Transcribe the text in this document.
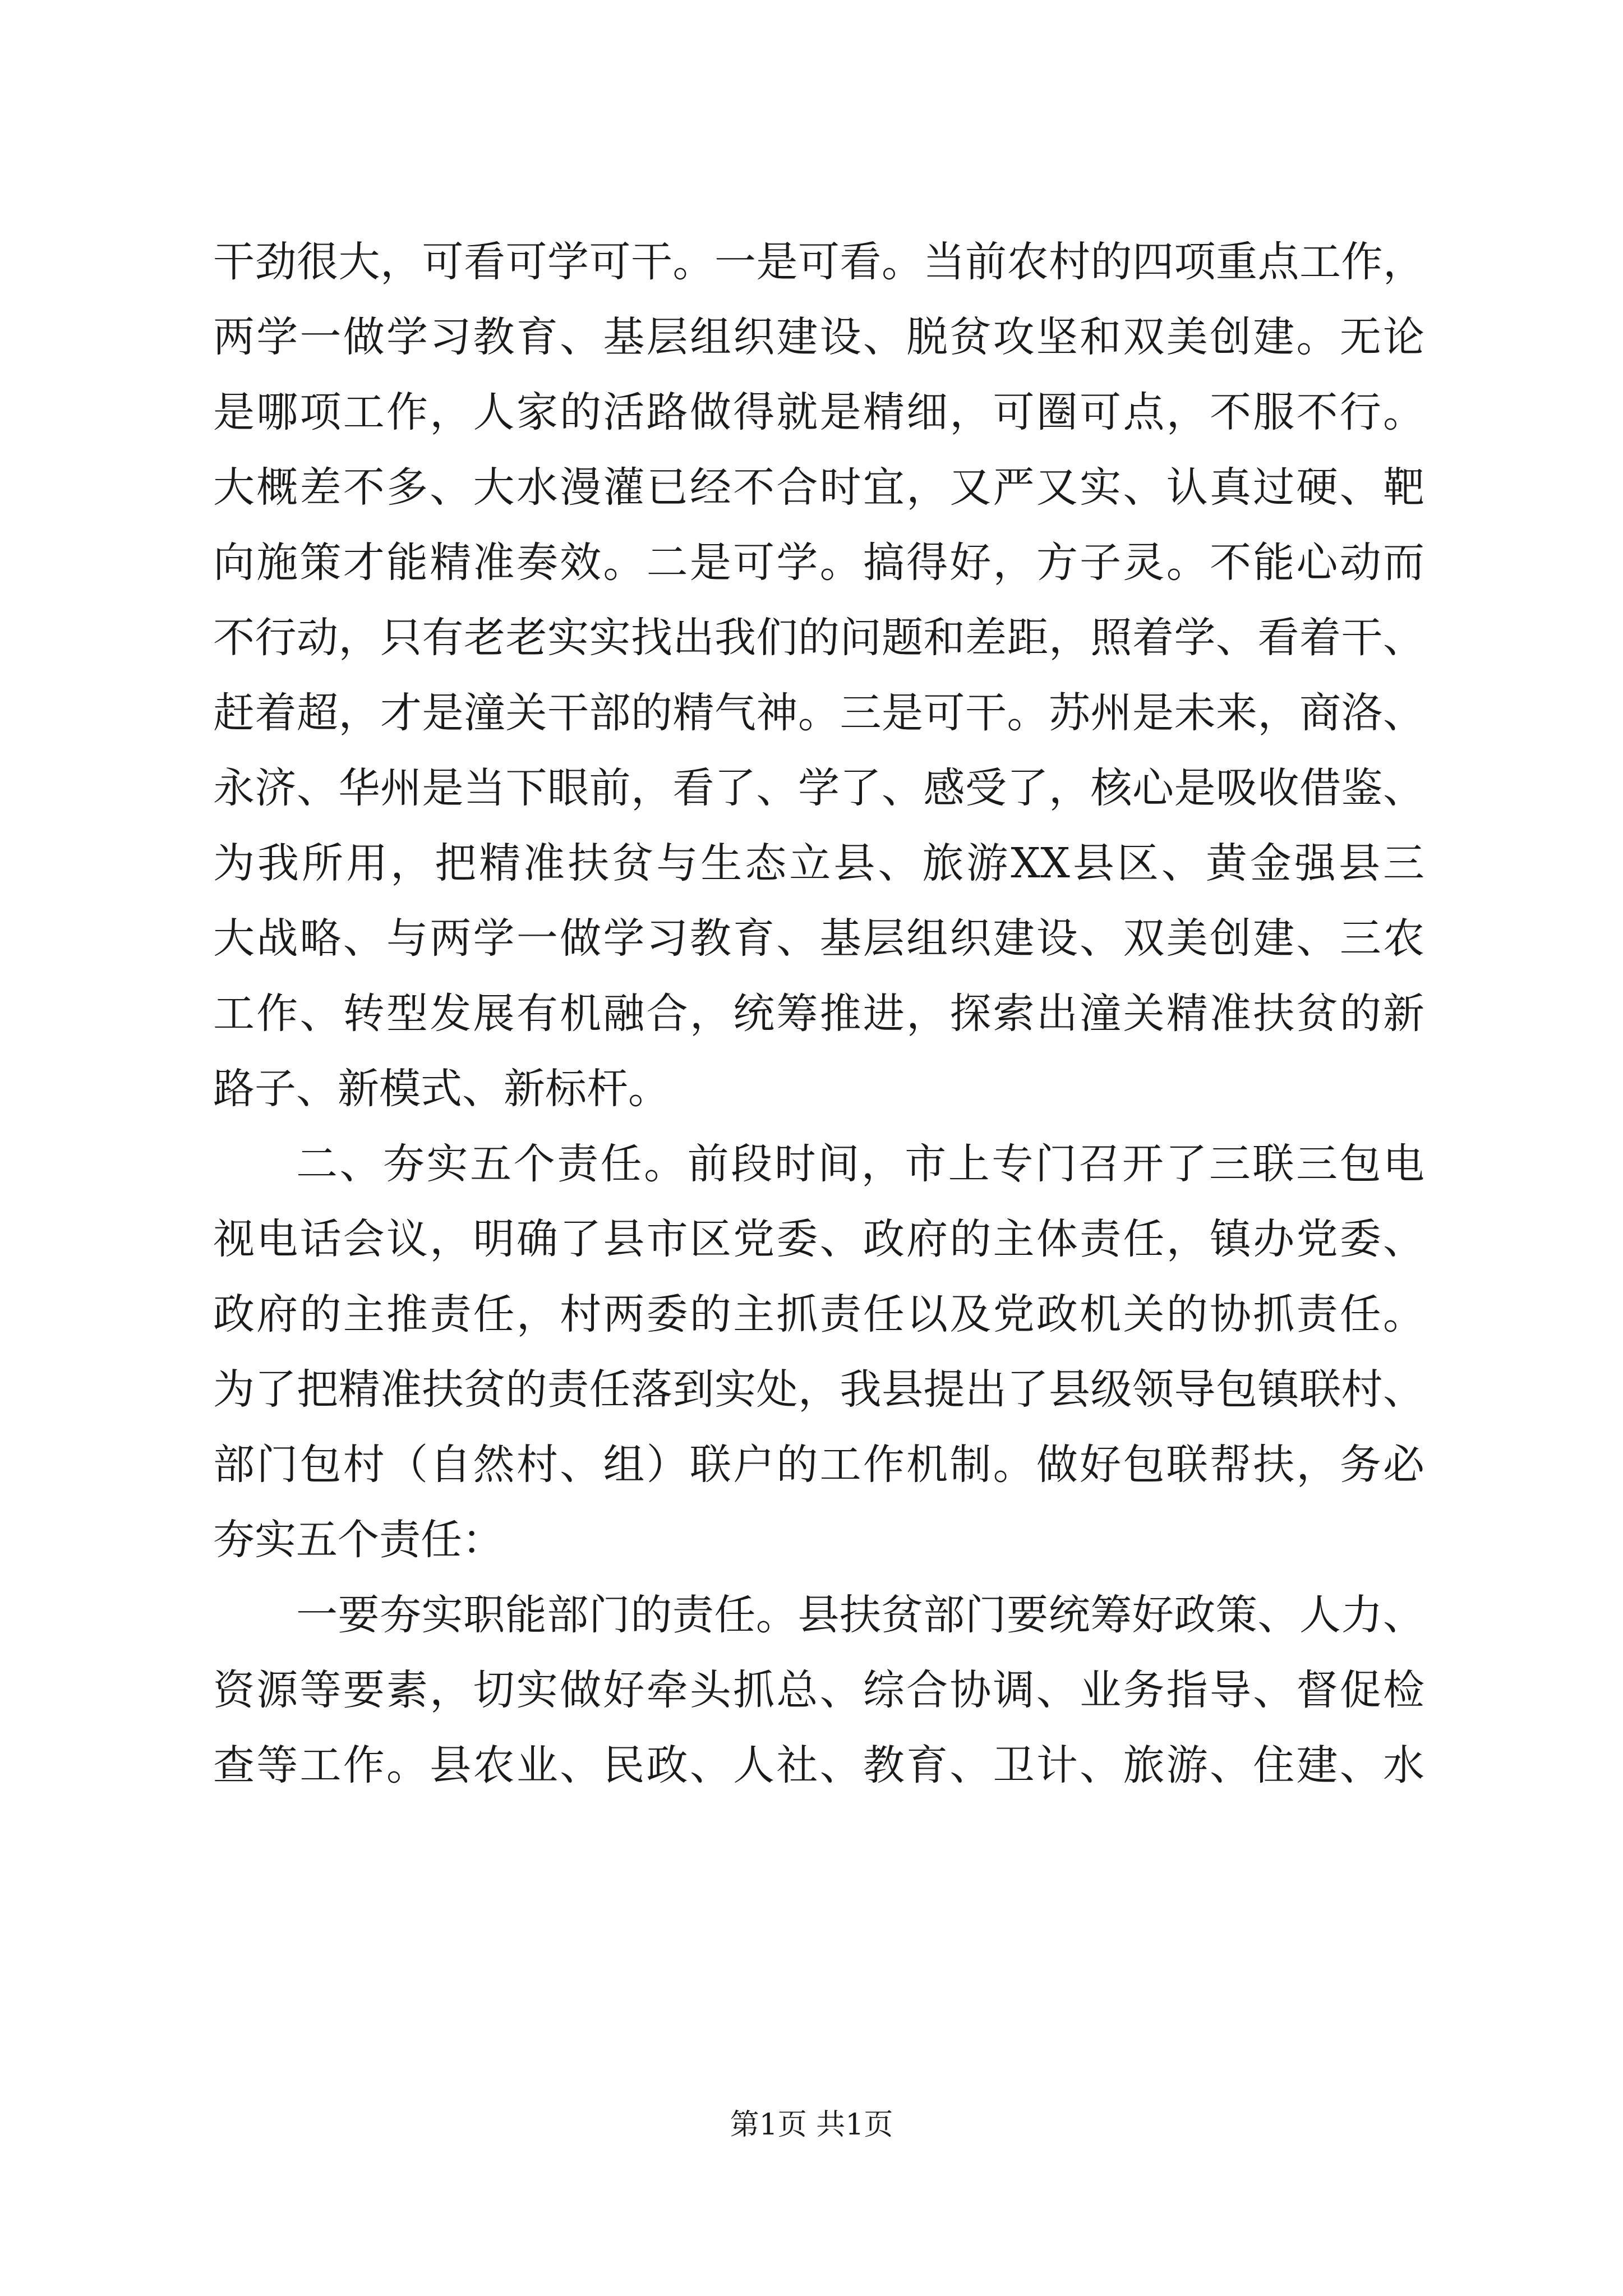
干劲很大，可看可学可干。一是可看。当前农村的四项重点工作，
两学一做学习教育、基层组织建设、脱贫攻坚和双美创建。无论
是哪项工作，人家的活路做得就是精细，可圈可点，不服不行。
大概差不多、大水漫灌已经不合时宜，又严又实、认真过硬、靶
向施策才能精准奏效。二是可学。搞得好，方子灵。不能心动而
不行动，只有老老实实找出我们的问题和差距，照着学、看着干、
赶着超，才是潼关干部的精气神。三是可干。苏州是未来，商洛、
永济、华州是当下眼前，看了、学了、感受了，核心是吸收借鉴、
为我所用，把精准扶贫与生态立县、旅游XX县区、黄金强县三
大战略、与两学一做学习教育、基层组织建设、双美创建、三农
工作、转型发展有机融合，统筹推进，探索出潼关精准扶贫的新
路子、新模式、新标杆。
二、夯实五个责任。前段时间，市上专门召开了三联三包电
视电话会议，明确了县市区党委、政府的主体责任，镇办党委、
政府的主推责任，村两委的主抓责任以及党政机关的协抓责任。
为了把精准扶贫的责任落到实处，我县提出了县级领导包镇联村、
部门包村（自然村、组）联户的工作机制。做好包联帮扶，务必
夯实五个责任：
一要夯实职能部门的责任。县扶贫部门要统筹好政策、人力、
资源等要素，切实做好牵头抓总、综合协调、业务指导、督促检
查等工作。县农业、民政、人社、教育、卫计、旅游、住建、水
第1页 共1页
